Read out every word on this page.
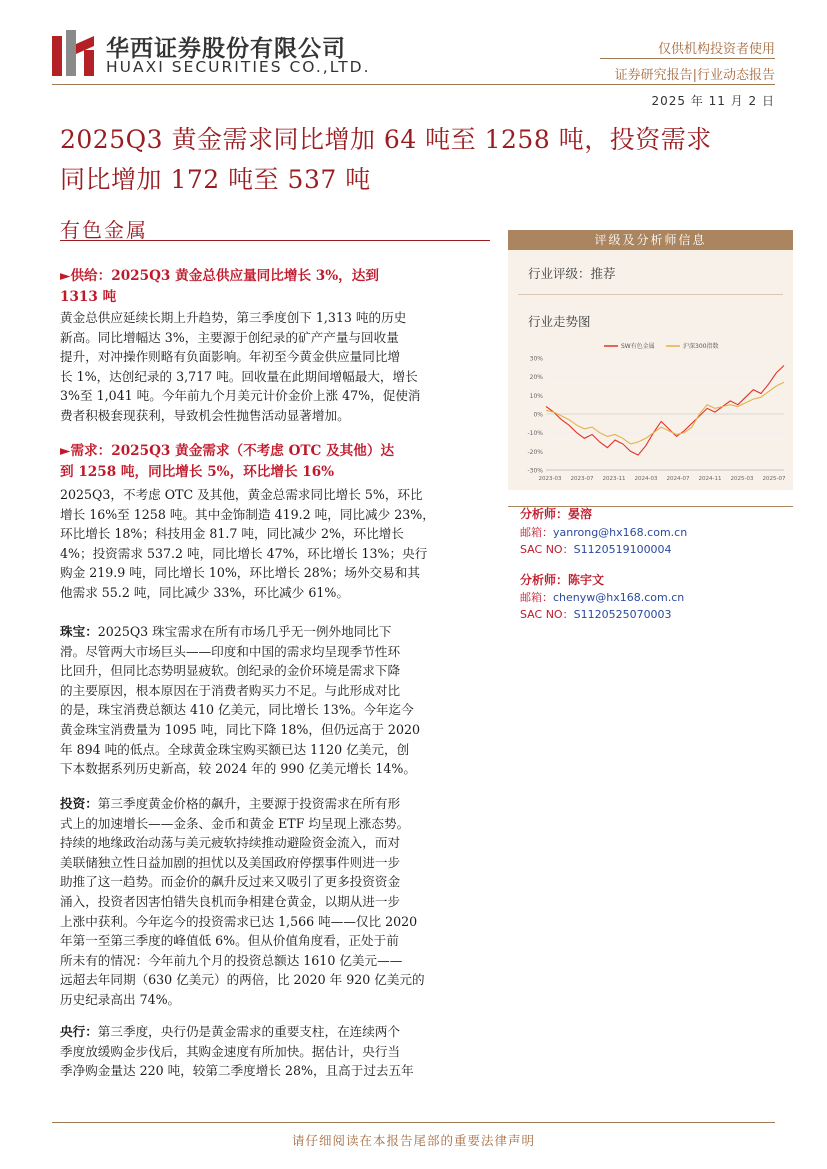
华西证券股份有限公司
HUAXI SECURITIES CO.,LTD.
仅供机构投资者使用
证券研究报告|行业动态报告
2025 年 11 月 2 日
2025Q3 黄金需求同比增加 64 吨至 1258 吨，投资需求
同比增加 172 吨至 537 吨
有色金属
►供给：2025Q3 黄金总供应量同比增长 3%，达到
1313 吨
黄金总供应延续长期上升趋势，第三季度创下 1,313 吨的历史
新高。同比增幅达 3%，主要源于创纪录的矿产产量与回收量
提升，对冲操作则略有负面影响。年初至今黄金供应量同比增
长 1%，达创纪录的 3,717 吨。回收量在此期间增幅最大，增长
3%至 1,041 吨。今年前九个月美元计价金价上涨 47%，促使消
费者积极套现获利，导致机会性抛售活动显著增加。
►需求：2025Q3 黄金需求（不考虑 OTC 及其他）达
到 1258 吨，同比增长 5%，环比增长 16%
2025Q3，不考虑 OTC 及其他，黄金总需求同比增长 5%，环比
增长 16%至 1258 吨。其中金饰制造 419.2 吨，同比减少 23%，
环比增长 18%；科技用金 81.7 吨，同比减少 2%，环比增长
4%；投资需求 537.2 吨，同比增长 47%，环比增长 13%；央行
购金 219.9 吨，同比增长 10%，环比增长 28%；场外交易和其
他需求 55.2 吨，同比减少 33%，环比减少 61%。
珠宝：2025Q3 珠宝需求在所有市场几乎无一例外地同比下
滑。尽管两大市场巨头——印度和中国的需求均呈现季节性环
比回升，但同比态势明显疲软。创纪录的金价环境是需求下降
的主要原因，根本原因在于消费者购买力不足。与此形成对比
的是，珠宝消费总额达 410 亿美元，同比增长 13%。今年迄今
黄金珠宝消费量为 1095 吨，同比下降 18%，但仍远高于 2020
年 894 吨的低点。全球黄金珠宝购买额已达 1120 亿美元，创
下本数据系列历史新高，较 2024 年的 990 亿美元增长 14%。
投资：第三季度黄金价格的飙升，主要源于投资需求在所有形
式上的加速增长——金条、金币和黄金 ETF 均呈现上涨态势。
持续的地缘政治动荡与美元疲软持续推动避险资金流入，而对
美联储独立性日益加剧的担忧以及美国政府停摆事件则进一步
助推了这一趋势。而金价的飙升反过来又吸引了更多投资资金
涌入，投资者因害怕错失良机而争相建仓黄金，以期从进一步
上涨中获利。今年迄今的投资需求已达 1,566 吨——仅比 2020
年第一至第三季度的峰值低 6%。但从价值角度看，正处于前
所未有的情况：今年前九个月的投资总额达 1610 亿美元——
远超去年同期（630 亿美元）的两倍，比 2020 年 920 亿美元的
历史纪录高出 74%。
央行：第三季度，央行仍是黄金需求的重要支柱，在连续两个
季度放缓购金步伐后，其购金速度有所加快。据估计，央行当
季净购金量达 220 吨，较第二季度增长 28%，且高于过去五年
评级及分析师信息
行业评级：推荐
行业走势图
30%
20%
10%
0%
-10%
-20%
-30%
2023-03 2023-07 2023-11 2024-03 2024-07 2024-11 2025-03 2025-07
SW有色金属	沪深300指数
分析师：晏溶
邮箱：yanrong@hx168.com.cn
SAC NO：S1120519100004
分析师：陈宇文
邮箱：chenyw@hx168.com.cn
SAC NO：S1120525070003
请仔细阅读在本报告尾部的重要法律声明
